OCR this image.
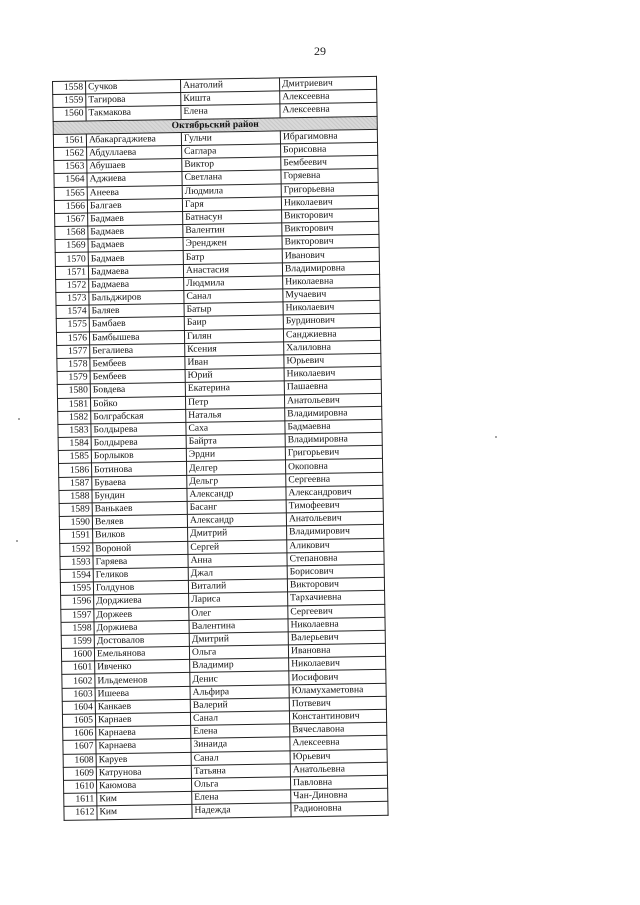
29
1558	Сучков	Анатолий	Дмитриевич
1559	Тагирова	Кишта	Алексеевна
1560	Такмакова	Елена	Алексеевна
Октябрьский район			
1561	Абакаргаджиева	Гульчи	Ибрагимовна
1562	Абдуллаева	Саглара	Борисовна
1563	Абушаев	Виктор	Бембеевич
1564	Аджиева	Светлана	Горяевна
1565	Анеева	Людмила	Григорьевна
1566	Балгаев	Гаря	Николаевич
1567	Бадмаев	Батнасун	Викторович
1568	Бадмаев	Валентин	Викторович
1569	Бадмаев	Эренджен	Викторович
1570	Бадмаев	Батр	Иванович
1571	Бадмаева	Анастасия	Владимировна
1572	Бадмаева	Людмила	Николаевна
1573	Бальджиров	Санал	Мучаевич
1574	Баляев	Батыр	Николаевич
1575	Бамбаев	Баир	Бурдинович
1576	Бамбышева	Гилян	Санджиевна
1577	Бегалиева	Ксения	Халиловна
1578	Бембеев	Иван	Юрьевич
1579	Бембеев	Юрий	Николаевич
1580	Бовдева	Екатерина	Пашаевна
1581	Бойко	Петр	Анатольевич
1582	Болграбская	Наталья	Владимировна
1583	Болдырева	Саха	Бадмаевна
1584	Болдырева	Байрта	Владимировна
1585	Борлыков	Эрдни	Григорьевич
1586	Ботинова	Делгер	Окоповна
1587	Буваева	Дельгр	Сергеевна
1588	Бундин	Александр	Александрович
1589	Ванькаев	Басанг	Тимофеевич
1590	Веляев	Александр	Анатольевич
1591	Вилков	Дмитрий	Владимирович
1592	Вороной	Сергей	Аликович
1593	Гаряева	Анна	Степановна
1594	Геликов	Джал	Борисович
1595	Голдунов	Виталий	Викторович
1596	Дорджиева	Лариса	Тархачиевна
1597	Доржеев	Олег	Сергеевич
1598	Доржиева	Валентина	Николаевна
1599	Достовалов	Дмитрий	Валерьевич
1600	Емельянова	Ольга	Ивановна
1601	Ивченко	Владимир	Николаевич
1602	Ильдеменов	Денис	Иосифович
1603	Ишеева	Альфира	Юламухаметовна
1604	Канкаев	Валерий	Потвевич
1605	Карнаев	Санал	Константинович
1606	Карнаева	Елена	Вячеславона
1607	Карнаева	Зинаида	Алексеевна
1608	Каруев	Санал	Юрьевич
1609	Катрунова	Татьяна	Анатольевна
1610	Каюмова	Ольга	Павловна
1611	Ким	Елена	Чан-Диновна
1612	Ким	Надежда	Радионовна
